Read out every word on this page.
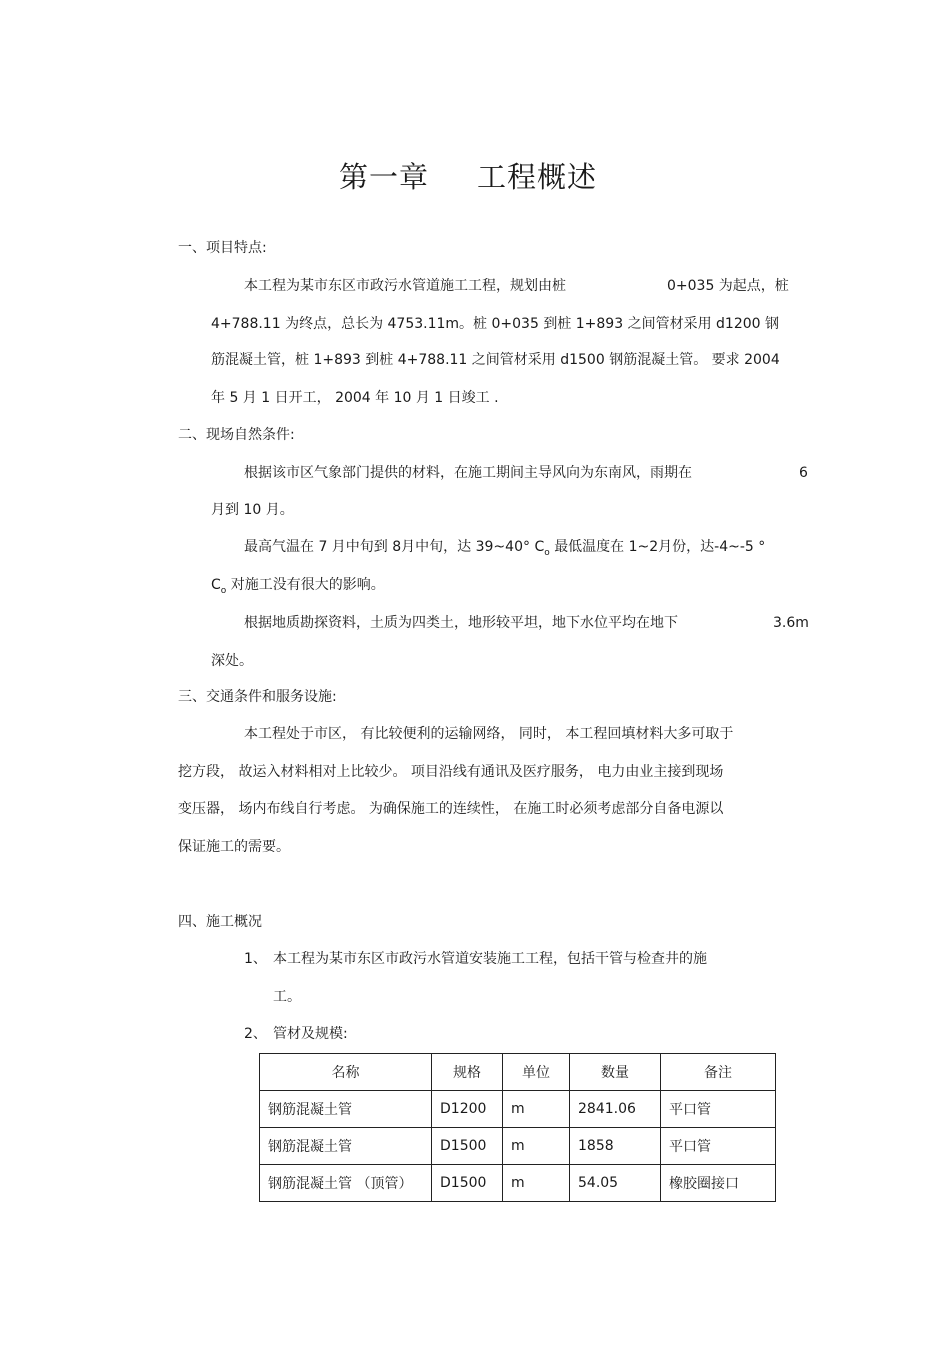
第一章 工程概述
一、项目特点:
本工程为某市东区市政污水管道施工工程，规划由桩	0+035 为起点，桩
4+788.11 为终点，总长为 4753.11m。桩 0+035 到桩 1+893 之间管材采用 d1200 钢
筋混凝土管，桩 1+893 到桩 4+788.11 之间管材采用 d1500 钢筋混凝土管。 要求 2004
年 5 月 1 日开工， 2004 年 10 月 1 日竣工 .
二、现场自然条件:
根据该市区气象部门提供的材料，在施工期间主导风向为东南风，雨期在	6
月到 10 月。
最高气温在 7 月中旬到 8月中旬，达 39~40° $C_o$ 最低温度在 1~2月份，达-4~-5 °
$C_o$ 对施工没有很大的影响。
根据地质勘探资料，土质为四类土，地形较平坦，地下水位平均在地下	3.6m
深处。
三、交通条件和服务设施:
本工程处于市区， 有比较便利的运输网络， 同时， 本工程回填材料大多可取于
挖方段， 故运入材料相对上比较少。 项目沿线有通讯及医疗服务， 电力由业主接到现场
变压器， 场内布线自行考虑。 为确保施工的连续性， 在施工时必须考虑部分自备电源以
保证施工的需要。
四、施工概况
1、 本工程为某市东区市政污水管道安装施工工程，包括干管与检查井的施
工。
2、 管材及规模:
名称	规格	单位	数量	备注
钢筋混凝土管	D1200	m	2841.06	平口管
钢筋混凝土管	D1500	m	1858	平口管
钢筋混凝土管 （顶管）	D1500	m	54.05	橡胶圈接口
